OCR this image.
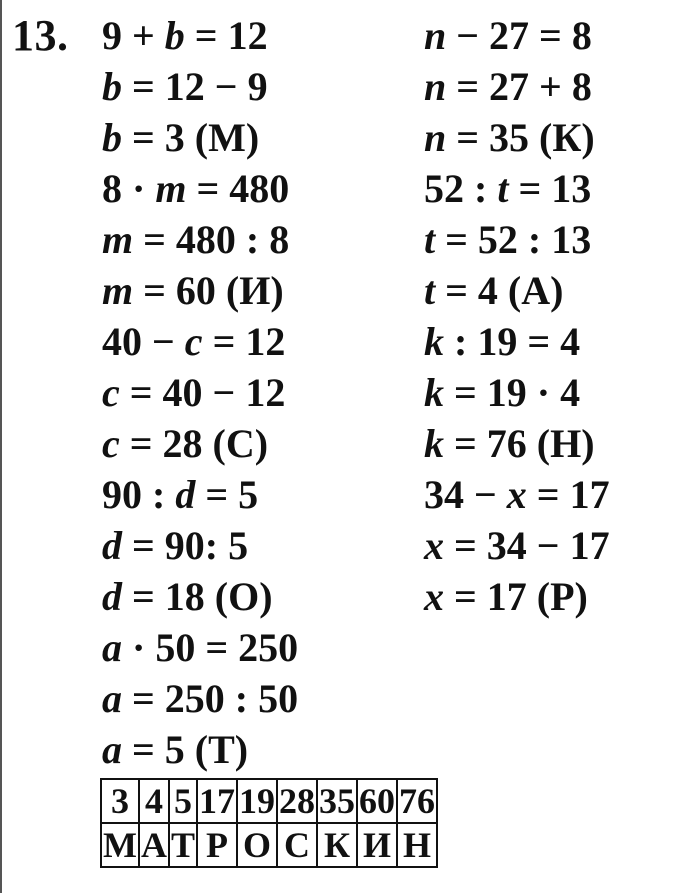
13. 9 + b = 12
b = 12 − 9
b = 3 (М)
8 · m = 480
m = 480 : 8
m = 60 (И)
40 − c = 12
c = 40 − 12
c = 28 (С)
90 : d = 5
d = 90: 5
d = 18 (О)
a · 50 = 250
a = 250 : 50
a = 5 (Т)
n − 27 = 8
n = 27 + 8
n = 35 (К)
52 : t = 13
t = 52 : 13
t = 4 (А)
k : 19 = 4
k = 19 · 4
k = 76 (Н)
34 − x = 17
x = 34 − 17
x = 17 (Р)
3	4	5	17	19	28	35	60	76
М	А	Т	Р	О	С	К	И	Н
